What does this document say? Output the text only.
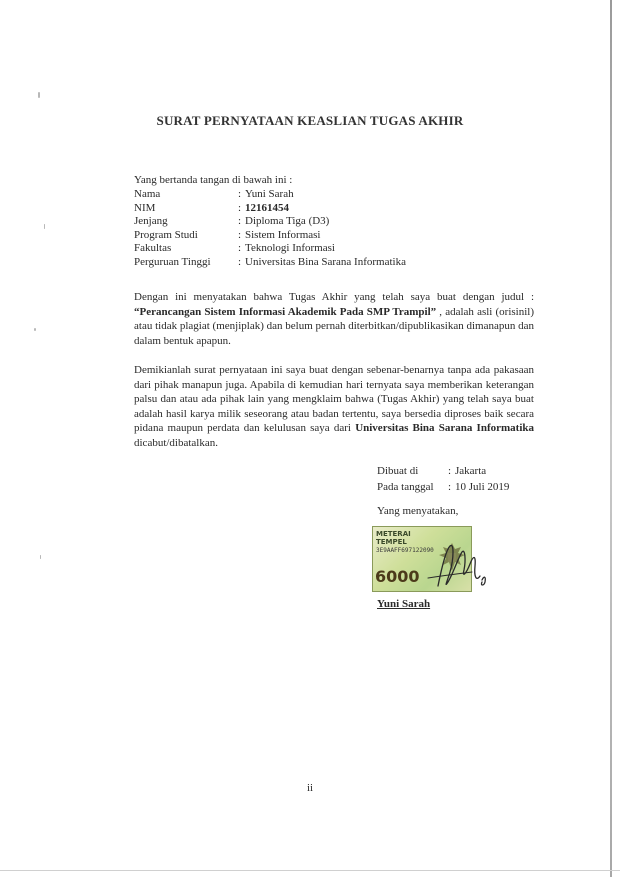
SURAT PERNYATAAN KEASLIAN TUGAS AKHIR
Yang bertanda tangan di bawah ini :
Nama	: Yuni Sarah
NIM	: 12161454
Jenjang	: Diploma Tiga (D3)
Program Studi	: Sistem Informasi
Fakultas	: Teknologi Informasi
Perguruan Tinggi : Universitas Bina Sarana Informatika
Dengan ini menyatakan bahwa Tugas Akhir yang telah saya buat dengan judul : “Perancangan Sistem Informasi Akademik Pada SMP Trampil” , adalah asli (orisinil) atau tidak plagiat (menjiplak) dan belum pernah diterbitkan/dipublikasikan dimanapun dan dalam bentuk apapun.
Demikianlah surat pernyataan ini saya buat dengan sebenar-benarnya tanpa ada pakasaan dari pihak manapun juga. Apabila di kemudian hari ternyata saya memberikan keterangan palsu dan atau ada pihak lain yang mengklaim bahwa (Tugas Akhir) yang telah saya buat adalah hasil karya milik seseorang atau badan tertentu, saya bersedia diproses baik secara pidana maupun perdata dan kelulusan saya dari Universitas Bina Sarana Informatika dicabut/dibatalkan.
Dibuat di	: Jakarta
Pada tanggal : 10 Juli 2019
Yang menyatakan,
METERAI
TEMPEL
3E9AAFF697122090
6000
Yuni Sarah
ii
